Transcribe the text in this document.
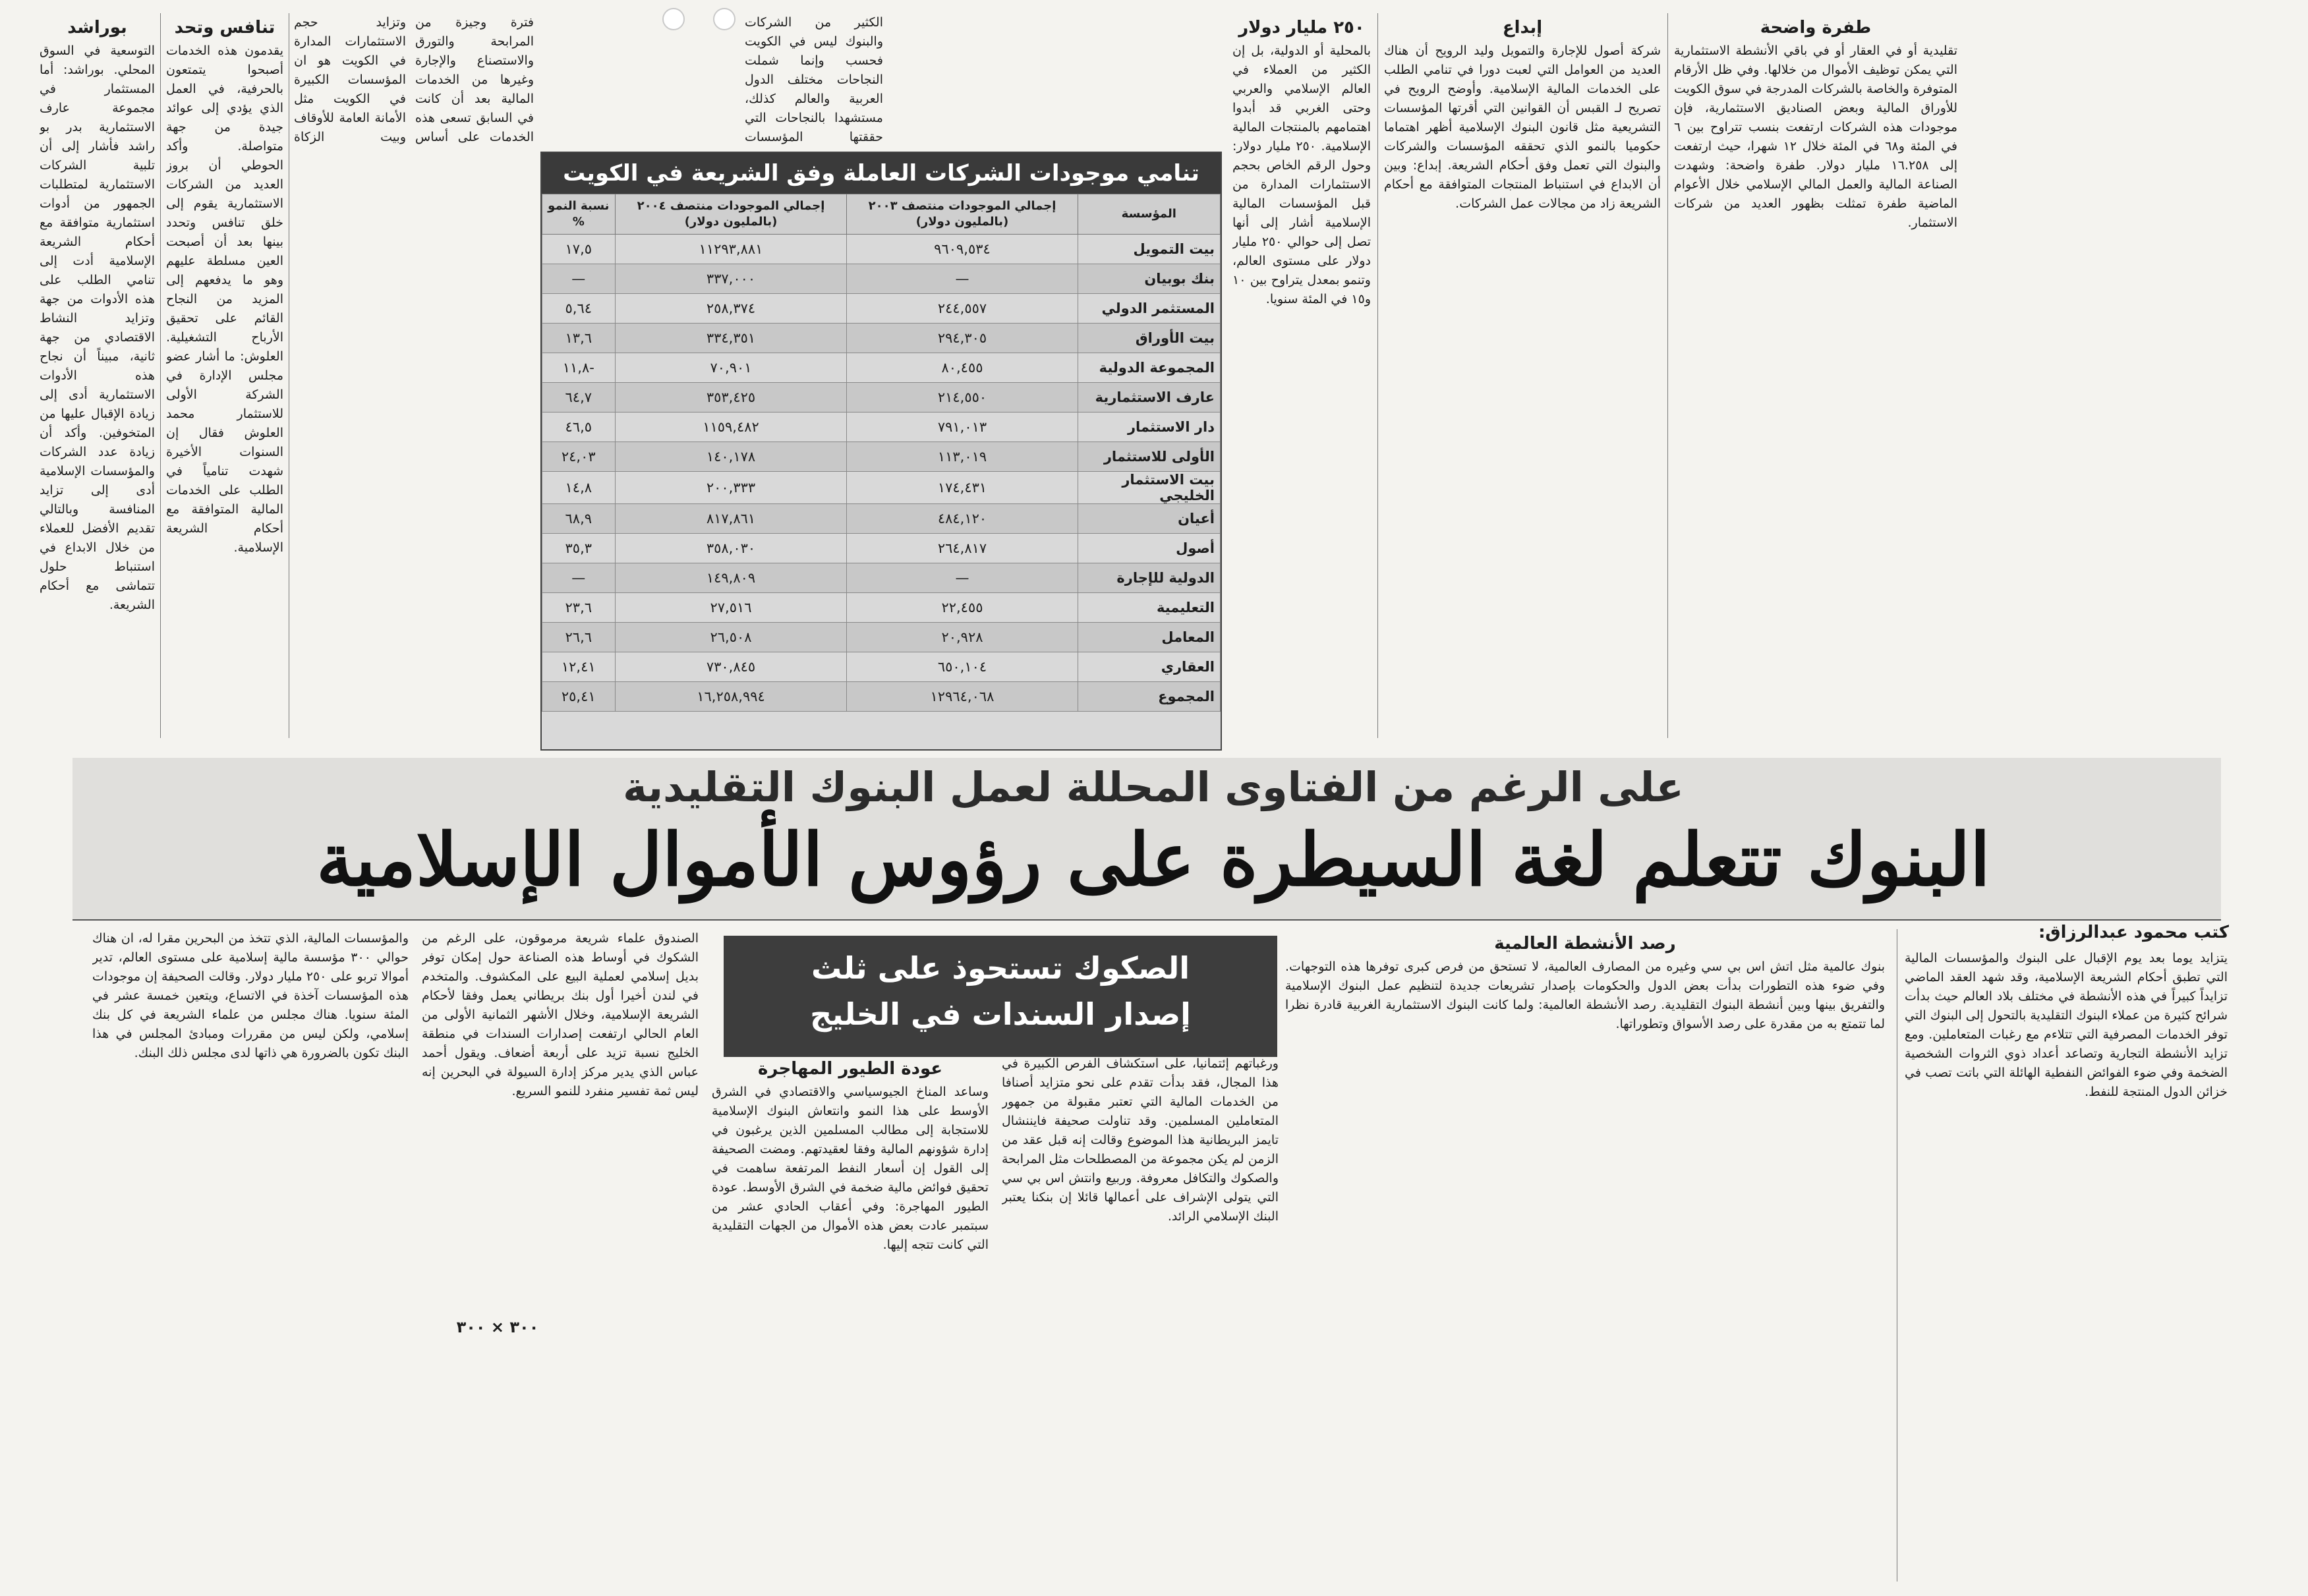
بوراشد

التوسعية في السوق المحلي. بوراشد: أما المستثمار في مجموعة عارف الاستثمارية بدر بو راشد فأشار إلى أن تلبية الشركات الاستثمارية لمتطلبات الجمهور من أدوات استثمارية متوافقة مع أحكام الشريعة الإسلامية أدت إلى تنامي الطلب على هذه الأدوات من جهة وتزايد النشاط الاقتصادي من جهة ثانية، مبيناً أن نجاح هذه الأدوات الاستثمارية أدى إلى زيادة الإقبال عليها من المتخوفين. وأكد أن زيادة عدد الشركات والمؤسسات الإسلامية أدى إلى تزايد المنافسة وبالتالي تقديم الأفضل للعملاء من خلال الابداع في استنباط حلول تتماشى مع أحكام الشريعة.

تنافس وتحد

يقدمون هذه الخدمات أصبحوا يتمتعون بالحرفية، في العمل الذي يؤدي إلى عوائد جيدة من جهة متواصلة. وأكد الحوطي أن بروز العديد من الشركات الاستثمارية يقوم إلى خلق تنافس وتحدد بينها بعد أن أصبحت العين مسلطة عليهم وهو ما يدفعهم إلى المزيد من النجاح القائم على تحقيق الأرباح التشغيلية. العلوش: ما أشار عضو مجلس الإدارة في الشركة الأولى للاستثمار محمد العلوش فقال إن السنوات الأخيرة شهدت تنامياً في الطلب على الخدمات المالية المتوافقة مع أحكام الشريعة الإسلامية.

وتزايد حجم الاستثمارات المدارة في الكويت هو ان المؤسسات الكبيرة في الكويت مثل الأمانة العامة للأوقاف وبيت الزكاة

فترة وجيزة من المرابحة والتورق والاستصناع والإجارة وغيرها من الخدمات المالية بعد أن كانت في السابق تسعى هذه الخدمات على أساس

الكثير من الشركات والبنوك ليس في الكويت فحسب وإنما شملت النجاحات مختلف الدول العربية والعالم كذلك، مستشهدا بالنجاحات التي حققتها المؤسسات

٢٥٠ مليار دولار

بالمحلية أو الدولية، بل إن الكثير من العملاء في العالم الإسلامي والعربي وحتى الغربي قد أبدوا اهتمامهم بالمنتجات المالية الإسلامية. ٢٥٠ مليار دولار: وحول الرقم الخاص بحجم الاستثمارات المدارة من قبل المؤسسات المالية الإسلامية أشار إلى أنها تصل إلى حوالي ٢٥٠ مليار دولار على مستوى العالم، وتنمو بمعدل يتراوح بين ١٠ و١٥ في المئة سنويا.

إبداع

شركة أصول للإجارة والتمويل وليد الرويح أن هناك العديد من العوامل التي لعبت دورا في تنامي الطلب على الخدمات المالية الإسلامية. وأوضح الرويح في تصريح لـ القبس أن القوانين التي أقرتها المؤسسات التشريعية مثل قانون البنوك الإسلامية أظهر اهتماما حكوميا بالنمو الذي تحققه المؤسسات والشركات والبنوك التي تعمل وفق أحكام الشريعة. إبداع: وبين أن الابداع في استنباط المنتجات المتوافقة مع أحكام الشريعة زاد من مجالات عمل الشركات.

طفرة واضحة

تقليدية أو في العقار أو في باقي الأنشطة الاستثمارية التي يمكن توظيف الأموال من خلالها. وفي ظل الأرقام المتوفرة والخاصة بالشركات المدرجة في سوق الكويت للأوراق المالية وبعض الصناديق الاستثمارية، فإن موجودات هذه الشركات ارتفعت بنسب تتراوح بين ٦ في المئة و٦٨ في المئة خلال ١٢ شهرا، حيث ارتفعت إلى ١٦.٢٥٨ مليار دولار. طفرة واضحة: وشهدت الصناعة المالية والعمل المالي الإسلامي خلال الأعوام الماضية طفرة تمثلت بظهور العديد من شركات الاستثمار.

تنامي موجودات الشركات العاملة وفق الشريعة في الكويت
المؤسسة	إجمالي الموجودات منتصف ٢٠٠٣ (بالمليون دولار)	إجمالي الموجودات منتصف ٢٠٠٤ (بالمليون دولار)	نسبة النمو %
بيت التمويل	٩٦٠٩,٥٣٤	١١٢٩٣,٨٨١	١٧,٥
بنك بوبيان	—	٣٣٧,٠٠٠	—
المستثمر الدولي	٢٤٤,٥٥٧	٢٥٨,٣٧٤	٥,٦٤
بيت الأوراق	٢٩٤,٣٠٥	٣٣٤,٣٥١	١٣,٦
المجموعة الدولية	٨٠,٤٥٥	٧٠,٩٠١	-١١,٨
عارف الاستثمارية	٢١٤,٥٥٠	٣٥٣,٤٢٥	٦٤,٧
دار الاستثمار	٧٩١,٠١٣	١١٥٩,٤٨٢	٤٦,٥
الأولى للاستثمار	١١٣,٠١٩	١٤٠,١٧٨	٢٤,٠٣
بيت الاستثمار الخليجي	١٧٤,٤٣١	٢٠٠,٣٣٣	١٤,٨
أعيان	٤٨٤,١٢٠	٨١٧,٨٦١	٦٨,٩
أصول	٢٦٤,٨١٧	٣٥٨,٠٣٠	٣٥,٣
الدولية للإجارة	—	١٤٩,٨٠٩	—
التعليمية	٢٢,٤٥٥	٢٧,٥١٦	٢٣,٦
المعامل	٢٠,٩٢٨	٢٦,٥٠٨	٢٦,٦
العقاري	٦٥٠,١٠٤	٧٣٠,٨٤٥	١٢,٤١
المجموع	١٢٩٦٤,٠٦٨	١٦,٢٥٨,٩٩٤	٢٥,٤١
على الرغم من الفتاوى المحللة لعمل البنوك التقليدية
البنوك تتعلم لغة السيطرة على رؤوس الأموال الإسلامية
كتب محمود عبدالرزاق:
الصكوك تستحوذ على ثلث
إصدار السندات في الخليج

يتزايد يوما بعد يوم الإقبال على البنوك والمؤسسات المالية التي تطبق أحكام الشريعة الإسلامية، وقد شهد العقد الماضي تزايداً كبيراً في هذه الأنشطة في مختلف بلاد العالم حيث بدأت شرائح كثيرة من عملاء البنوك التقليدية بالتحول إلى البنوك التي توفر الخدمات المصرفية التي تتلاءم مع رغبات المتعاملين. ومع تزايد الأنشطة التجارية وتصاعد أعداد ذوي الثروات الشخصية الضخمة وفي ضوء الفوائض النفطية الهائلة التي باتت تصب في خزائن الدول المنتجة للنفط.

رصد الأنشطة العالمية

بنوك عالمية مثل اتش اس بي سي وغيره من المصارف العالمية، لا تستحق من فرص كبرى توفرها هذه التوجهات. وفي ضوء هذه التطورات بدأت بعض الدول والحكومات بإصدار تشريعات جديدة لتنظيم عمل البنوك الإسلامية والتفريق بينها وبين أنشطة البنوك التقليدية. رصد الأنشطة العالمية: ولما كانت البنوك الاستثمارية الغربية قادرة نظرا لما تتمتع به من مقدرة على رصد الأسواق وتطوراتها.

ورغباتهم إئتمانيا، على استكشاف الفرص الكبيرة في هذا المجال، فقد بدأت تقدم على نحو متزايد أصنافا من الخدمات المالية التي تعتبر مقبولة من جمهور المتعاملين المسلمين. وقد تناولت صحيفة فايننشال تايمز البريطانية هذا الموضوع وقالت إنه قبل عقد من الزمن لم يكن مجموعة من المصطلحات مثل المرابحة والصكوك والتكافل معروفة. وربيع وانتش اس بي سي التي يتولى الإشراف على أعمالها قائلا إن بنكنا يعتبر البنك الإسلامي الرائد.

عودة الطيور المهاجرة

وساعد المناخ الجيوسياسي والاقتصادي في الشرق الأوسط على هذا النمو وانتعاش البنوك الإسلامية للاستجابة إلى مطالب المسلمين الذين يرغبون في إدارة شؤونهم المالية وفقا لعقيدتهم. ومضت الصحيفة إلى القول إن أسعار النفط المرتفعة ساهمت في تحقيق فوائض مالية ضخمة في الشرق الأوسط. عودة الطيور المهاجرة: وفي أعقاب الحادي عشر من سبتمبر عادت بعض هذه الأموال من الجهات التقليدية التي كانت تتجه إليها.

الصندوق علماء شريعة مرموقون، على الرغم من الشكوك في أوساط هذه الصناعة حول إمكان توفر بديل إسلامي لعملية البيع على المكشوف. والمتخدم في لندن أخيرا أول بنك بريطاني يعمل وفقا لأحكام الشريعة الإسلامية، وخلال الأشهر الثمانية الأولى من العام الحالي ارتفعت إصدارات السندات في منطقة الخليج نسبة تزيد على أربعة أضعاف. ويقول أحمد عباس الذي يدير مركز إدارة السيولة في البحرين إنه ليس ثمة تفسير منفرد للنمو السريع.

٣٠٠ × ٣٠٠

والمؤسسات المالية، الذي تتخذ من البحرين مقرا له، ان هناك حوالي ٣٠٠ مؤسسة مالية إسلامية على مستوى العالم، تدير أموالا تربو على ٢٥٠ مليار دولار. وقالت الصحيفة إن موجودات هذه المؤسسات آخذة في الاتساع، ويتعين خمسة عشر في المئة سنويا. هناك مجلس من علماء الشريعة في كل بنك إسلامي، ولكن ليس من مقررات ومبادئ المجلس في هذا البنك تكون بالضرورة هي ذاتها لدى مجلس ذلك البنك.
